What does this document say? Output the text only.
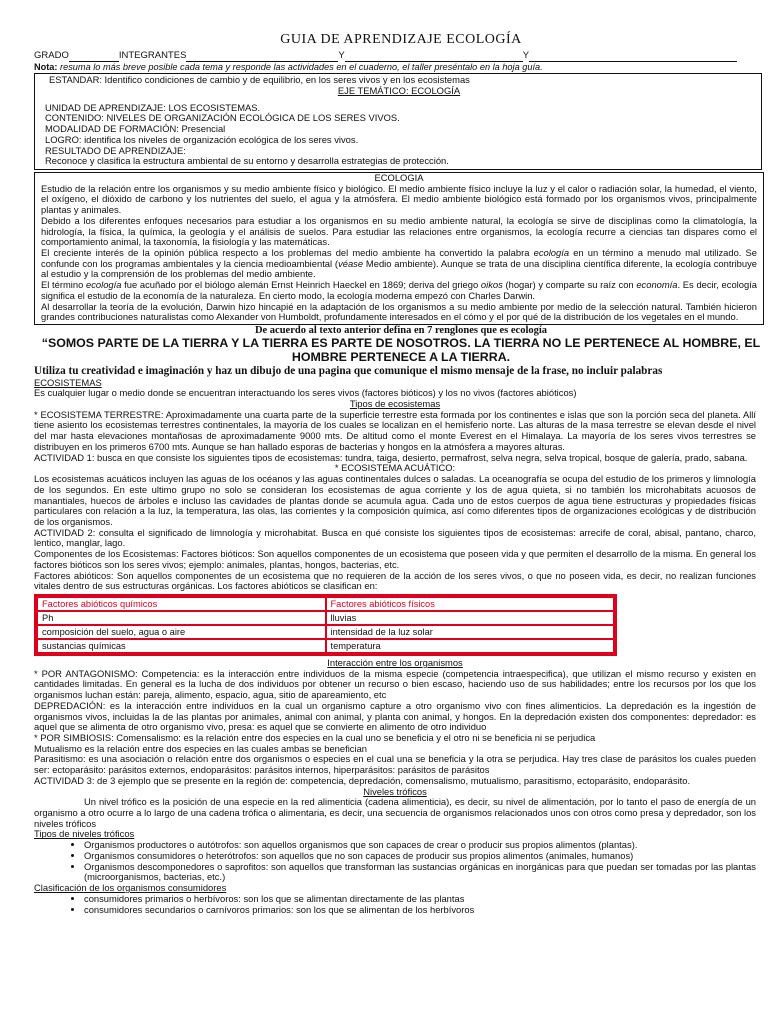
GUIA DE APRENDIZAJE ECOLOGÍA
GRADO	INTEGRANTES	Y	Y
Nota: resuma lo más breve posible cada tema y responde las actividades en el cuaderno, el taller preséntalo en la hoja guía.
ESTANDAR: Identifico condiciones de cambio y de equilibrio, en los seres vivos y en los ecosistemas
EJE TEMÁTICO: ECOLOGÍA
UNIDAD DE APRENDIZAJE: LOS ECOSISTEMAS.
CONTENIDO: NIVELES DE ORGANIZACIÓN ECOLÓGICA DE LOS SERES VIVOS.
MODALIDAD DE FORMACIÓN: Presencial
LOGRO: identifica los niveles de organización ecológica de los seres vivos.
RESULTADO DE APRENDIZAJE:
Reconoce y clasifica la estructura ambiental de su entorno y desarrolla estrategias de protección.
ECOLOGIA

Estudio de la relación entre los organismos y su medio ambiente físico y biológico. El medio ambiente físico incluye la luz y el calor o radiación solar, la humedad, el viento, el oxígeno, el dióxido de carbono y los nutrientes del suelo, el agua y la atmósfera. El medio ambiente biológico está formado por los organismos vivos, principalmente plantas y animales.

Debido a los diferentes enfoques necesarios para estudiar a los organismos en su medio ambiente natural, la ecología se sirve de disciplinas como la climatología, la hidrología, la física, la química, la geología y el análisis de suelos. Para estudiar las relaciones entre organismos, la ecología recurre a ciencias tan dispares como el comportamiento animal, la taxonomía, la fisiología y las matemáticas.

El creciente interés de la opinión pública respecto a los problemas del medio ambiente ha convertido la palabra ecología en un término a menudo mal utilizado. Se confunde con los programas ambientales y la ciencia medioambiental (véase Medio ambiente). Aunque se trata de una disciplina científica diferente, la ecología contribuye al estudio y la comprensión de los problemas del medio ambiente.

El término ecología fue acuñado por el biólogo alemán Ernst Heinrich Haeckel en 1869; deriva del griego oikos (hogar) y comparte su raíz con economía. Es decir, ecología significa el estudio de la economía de la naturaleza. En cierto modo, la ecología moderna empezó con Charles Darwin.

Al desarrollar la teoría de la evolución, Darwin hizo hincapié en la adaptación de los organismos a su medio ambiente por medio de la selección natural. También hicieron grandes contribuciones naturalistas como Alexander von Humboldt, profundamente interesados en el cómo y el por qué de la distribución de los vegetales en el mundo.

De acuerdo al texto anterior defina en 7 renglones que es ecología
“SOMOS PARTE DE LA TIERRA Y LA TIERRA ES PARTE DE NOSOTROS. LA TIERRA NO LE PERTENECE AL HOMBRE, EL HOMBRE PERTENECE A LA TIERRA.
Utiliza tu creatividad e imaginación y haz un dibujo de una pagina que comunique el mismo mensaje de la frase, no incluir palabras
ECOSISTEMAS

Es cualquier lugar o medio donde se encuentran interactuando los seres vivos (factores bióticos) y los no vivos (factores abióticos)

Tipos de ecosistemas

* ECOSISTEMA TERRESTRE: Aproximadamente una cuarta parte de la superficie terrestre esta formada por los continentes e islas que son la porción seca del planeta. Allí tiene asiento los ecosistemas terrestres continentales, la mayoría de los cuales se localizan en el hemisferio norte. Las alturas de la masa terrestre se elevan desde el nivel del mar hasta elevaciones montañosas de aproximadamente 9000 mts. De altitud como el monte Everest en el Himalaya. La mayoría de los seres vivos terrestres se distribuyen en los primeros 6700 mts. Aunque se han hallado esporas de bacterias y hongos en la atmósfera a mayores alturas.

ACTIVIDAD 1: busca en que consiste los siguientes tipos de ecosistemas: tundra, taiga, desierto, permafrost, selva negra, selva tropical, bosque de galería, prado, sabana.

* ECOSISTEMA ACUÁTICO:

Los ecosistemas acuáticos incluyen las aguas de los océanos y las aguas continentales dulces o saladas. La oceanografía se ocupa del estudio de los primeros y limnología de los segundos. En este ultimo grupo no solo se consideran los ecosistemas de agua corriente y los de agua quieta, si no también los microhabitats acuosos de manantiales, huecos de árboles e incluso las cavidades de plantas donde se acumula agua. Cada uno de estos cuerpos de agua tiene estructuras y propiedades físicas particulares con relación a la luz, la temperatura, las olas, las corrientes y la composición química, así como diferentes tipos de organizaciones ecológicas y de distribución de los organismos.

ACTIVIDAD 2: consulta el significado de limnología y microhabitat. Busca en qué consiste los siguientes tipos de ecosistemas: arrecife de coral, abisal, pantano, charco, lentico, manglar, lago.

Componentes de los Ecosistemas: Factores bióticos: Son aquellos componentes de un ecosistema que poseen vida y que permiten el desarrollo de la misma. En general los factores bióticos son los seres vivos; ejemplo: animales, plantas, hongos, bacterias, etc.

Factores abióticos: Son aquellos componentes de un ecosistema que no requieren de la acción de los seres vivos, o que no poseen vida, es decir, no realizan funciones vitales dentro de sus estructuras orgánicas. Los factores abióticos se clasifican en:

Factores abióticos químicos	Factores abióticos físicos
Ph	lluvias
composición del suelo, agua o aire	intensidad de la luz solar
sustancias químicas	temperatura
Interacción entre los organismos

* POR ANTAGONISMO: Competencia: es la interacción entre individuos de la misma especie (competencia intraespecifica), que utilizan el mismo recurso y existen en cantidades limitadas. En general es la lucha de dos individuos por obtener un recurso o bien escaso, haciendo uso de sus habilidades; entre los recursos por los que los organismos luchan están: pareja, alimento, espacio, agua, sitio de apareamiento, etc

DEPREDACIÓN: es la interacción entre individuos en la cual un organismo capture a otro organismo vivo con fines alimenticios. La depredación es la ingestión de organismos vivos, incluidas la de las plantas por animales, animal con animal, y planta con animal, y hongos. En la depredación existen dos componentes: depredador: es aquel que se alimenta de otro organismo vivo, presa: es aquel que se convierte en alimento de otro individuo

* POR SIMBIOSIS: Comensalismo: es la relación entre dos especies en la cual uno se beneficia y el otro ni se beneficia ni se perjudica

Mutualismo es la relación entre dos especies en las cuales ambas se benefician

Parasitismo: es una asociación o relación entre dos organismos o especies en el cual una se beneficia y la otra se perjudica. Hay tres clase de parásitos los cuales pueden ser: ectoparásito: parásitos externos, endoparásitos: parásitos internos, hiperparásitos: parásitos de parásitos

ACTIVIDAD 3: de 3 ejemplo que se presente en la región de: competencia, depredación, comensalismo, mutualismo, parasitismo, ectoparásito, endoparásito.

Niveles tróficos

Un nivel trófico es la posición de una especie en la red alimenticia (cadena alimenticia), es decir, su nivel de alimentación, por lo tanto el paso de energía de un organismo a otro ocurre a lo largo de una cadena trófica o alimentaria, es decir, una secuencia de organismos relacionados unos con otros como presa y depredador, son los niveles tróficos

Tipos de niveles tróficos
• Organismos productores o autótrofos: son aquellos organismos que son capaces de crear o producir sus propios alimentos (plantas).
• Organismos consumidores o heterótrofos: son aquellos que no son capaces de producir sus propios alimentos (animales, humanos)
• Organismos descomponedores o saprofitos: son aquellos que transforman las sustancias orgánicas en inorgánicas para que puedan ser tomadas por las plantas (microorganismos, bacterias, etc.)
Clasificación de los organismos consumidores
• consumidores primarios o herbívoros: son los que se alimentan directamente de las plantas
• consumidores secundarios o carnívoros primarios: son los que se alimentan de los herbívoros
